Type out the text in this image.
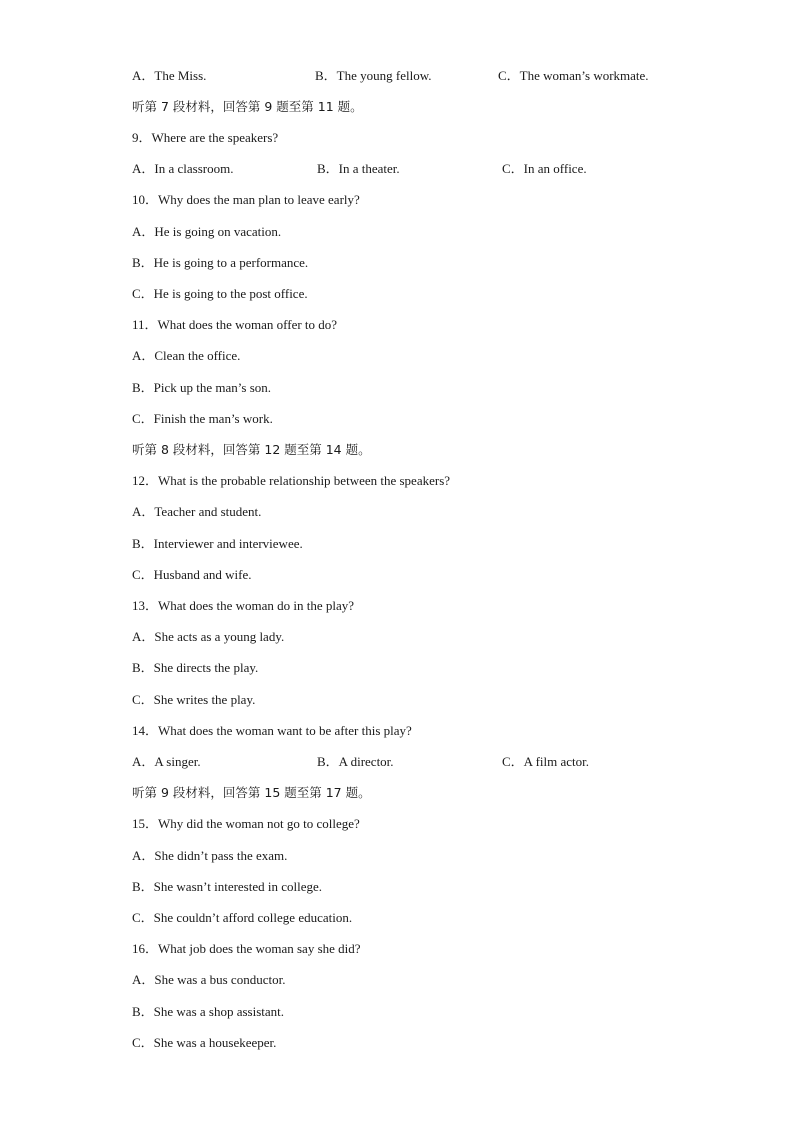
A．The Miss.	B．The young fellow.	C．The woman’s workmate.
听第 7 段材料，回答第 9 题至第 11 题。
9．Where are the speakers?
A．In a classroom.	B．In a theater.	C．In an office.
10．Why does the man plan to leave early?
A．He is going on vacation.
B．He is going to a performance.
C．He is going to the post office.
11．What does the woman offer to do?
A．Clean the office.
B．Pick up the man’s son.
C．Finish the man’s work.
听第 8 段材料，回答第 12 题至第 14 题。
12．What is the probable relationship between the speakers?
A．Teacher and student.
B．Interviewer and interviewee.
C．Husband and wife.
13．What does the woman do in the play?
A．She acts as a young lady.
B．She directs the play.
C．She writes the play.
14．What does the woman want to be after this play?
A．A singer.	B．A director.	C．A film actor.
听第 9 段材料，回答第 15 题至第 17 题。
15．Why did the woman not go to college?
A．She didn’t pass the exam.
B．She wasn’t interested in college.
C．She couldn’t afford college education.
16．What job does the woman say she did?
A．She was a bus conductor.
B．She was a shop assistant.
C．She was a housekeeper.
